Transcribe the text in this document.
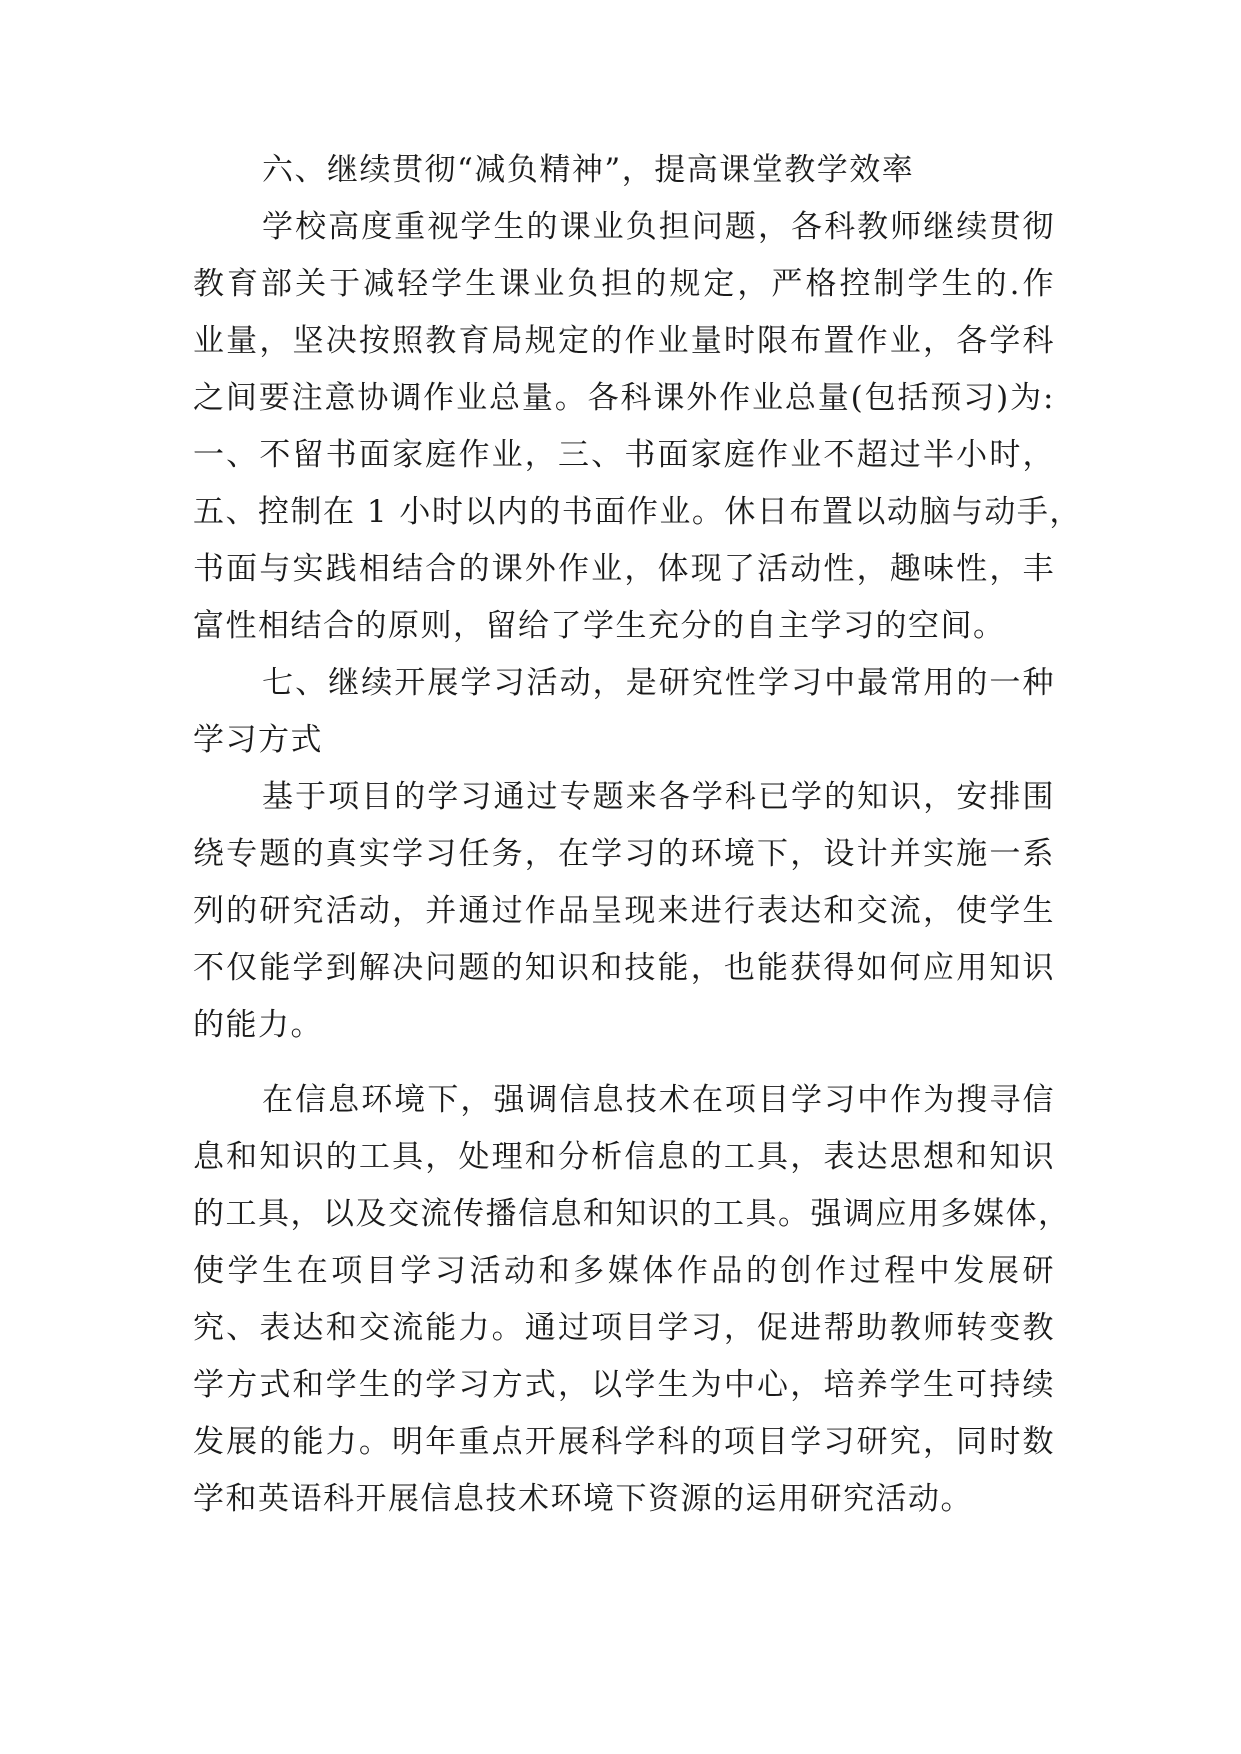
六、继续贯彻“减负精神”，提高课堂教学效率
学校高度重视学生的课业负担问题，各科教师继续贯彻
教育部关于减轻学生课业负担的规定，严格控制学生的.作
业量，坚决按照教育局规定的作业量时限布置作业，各学科
之间要注意协调作业总量。各科课外作业总量(包括预习)为:
一、不留书面家庭作业，三、书面家庭作业不超过半小时，
五、控制在 1 小时以内的书面作业。休日布置以动脑与动手，
书面与实践相结合的课外作业，体现了活动性，趣味性，丰
富性相结合的原则，留给了学生充分的自主学习的空间。
七、继续开展学习活动，是研究性学习中最常用的一种
学习方式
基于项目的学习通过专题来各学科已学的知识，安排围
绕专题的真实学习任务，在学习的环境下，设计并实施一系
列的研究活动，并通过作品呈现来进行表达和交流，使学生
不仅能学到解决问题的知识和技能，也能获得如何应用知识
的能力。
在信息环境下，强调信息技术在项目学习中作为搜寻信
息和知识的工具，处理和分析信息的工具，表达思想和知识
的工具，以及交流传播信息和知识的工具。强调应用多媒体，
使学生在项目学习活动和多媒体作品的创作过程中发展研
究、表达和交流能力。通过项目学习，促进帮助教师转变教
学方式和学生的学习方式，以学生为中心，培养学生可持续
发展的能力。明年重点开展科学科的项目学习研究，同时数
学和英语科开展信息技术环境下资源的运用研究活动。
